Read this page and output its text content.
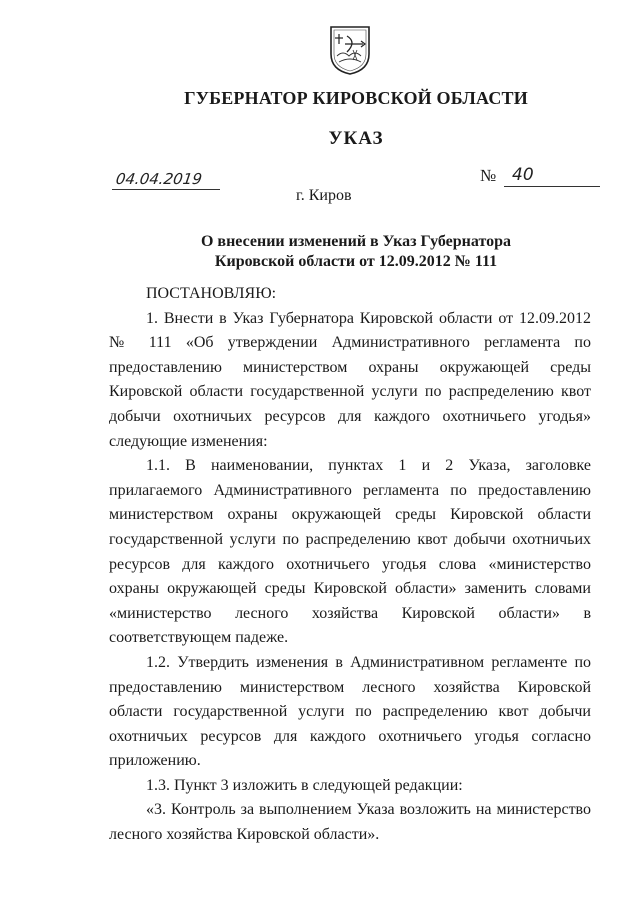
ГУБЕРНАТОР КИРОВСКОЙ ОБЛАСТИ
УКАЗ
04.04.2019	№ 40
г. Киров
О внесении изменений в Указ Губернатора
Кировской области от 12.09.2012 № 111

ПОСТАНОВЛЯЮ:

1. Внести в Указ Губернатора Кировской области от 12.09.2012 № 111 «Об утверждении Административного регламента по предоставлению министерством охраны окружающей среды Кировской области государственной услуги по распределению квот добычи охотничьих ресурсов для каждого охотничьего угодья» следующие изменения:

1.1. В наименовании, пунктах 1 и 2 Указа, заголовке прилагаемого Административного регламента по предоставлению министерством охраны окружающей среды Кировской области государственной услуги по распределению квот добычи охотничьих ресурсов для каждого охотничьего угодья слова «министерство охраны окружающей среды Кировской области» заменить словами «министерство лесного хозяйства Кировской области» в соответствующем падеже.

1.2. Утвердить изменения в Административном регламенте по предоставлению министерством лесного хозяйства Кировской области государственной услуги по распределению квот добычи охотничьих ресурсов для каждого охотничьего угодья согласно приложению.

1.3. Пункт 3 изложить в следующей редакции:

«3. Контроль за выполнением Указа возложить на министерство лесного хозяйства Кировской области».
